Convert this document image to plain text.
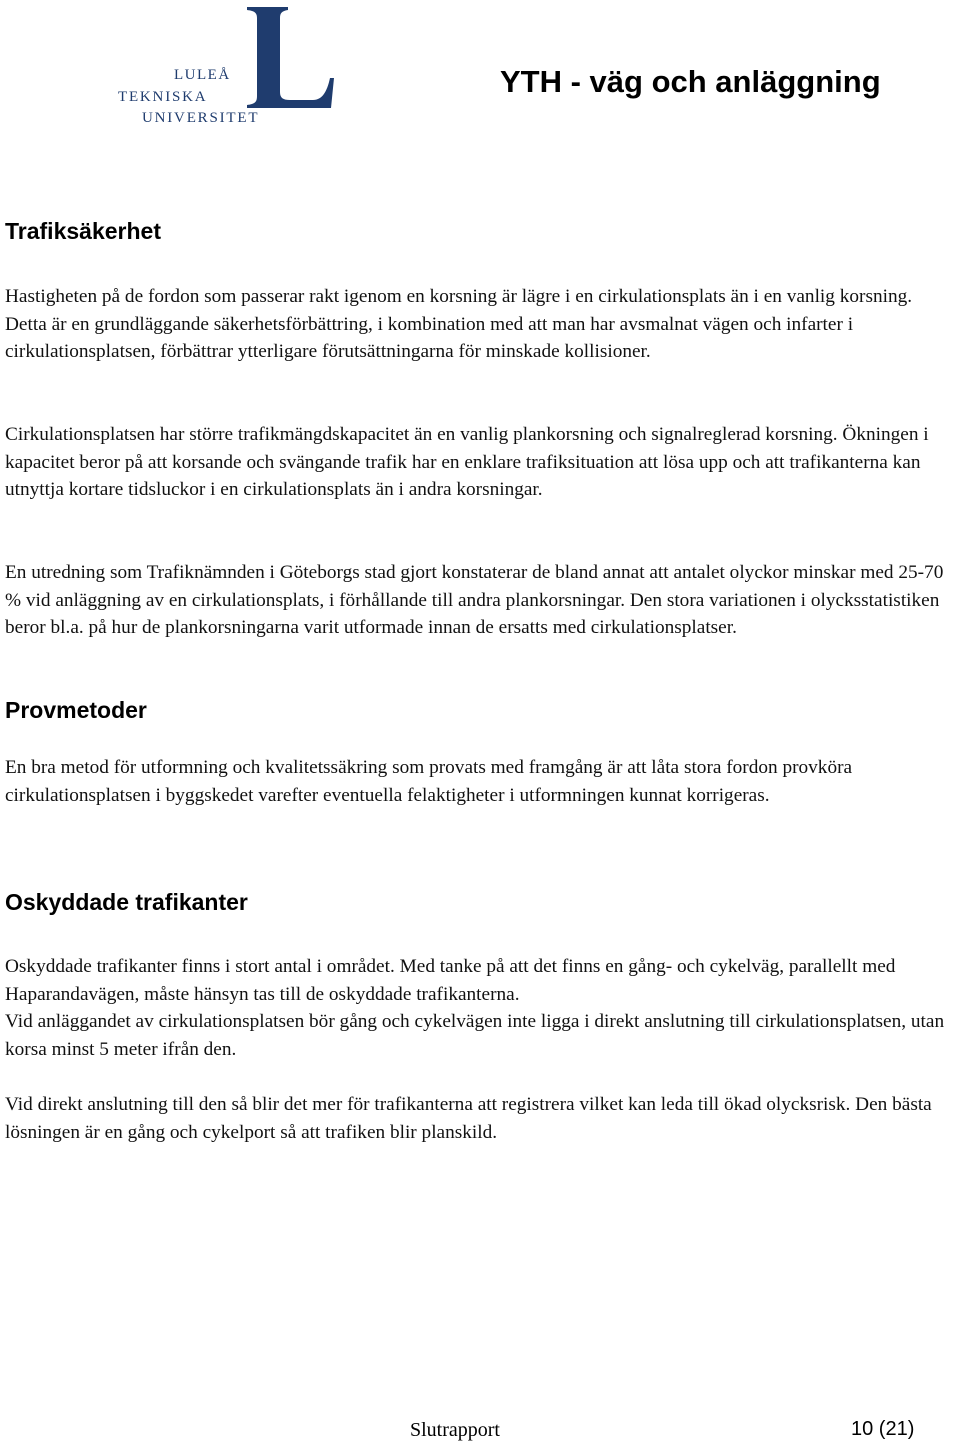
LULEÅ
TEKNISKA
UNIVERSITET
YTH - väg och anläggning
Trafiksäkerhet

Hastigheten på de fordon som passerar rakt igenom en korsning är lägre i en cirkulationsplats än i en vanlig korsning. Detta är en grundläggande säkerhetsförbättring, i kombination med att man har avsmalnat vägen och infarter i cirkulationsplatsen, förbättrar ytterligare förutsättningarna för minskade kollisioner.

Cirkulationsplatsen har större trafikmängdskapacitet än en vanlig plankorsning och signalreglerad korsning. Ökningen i kapacitet beror på att korsande och svängande trafik har en enklare trafiksituation att lösa upp och att trafikanterna kan utnyttja kortare tidsluckor i en cirkulationsplats än i andra korsningar.

En utredning som Trafiknämnden i Göteborgs stad gjort konstaterar de bland annat att antalet olyckor minskar med 25-70 % vid anläggning av en cirkulationsplats, i förhållande till andra plankorsningar. Den stora variationen i olycksstatistiken beror bl.a. på hur de plankorsningarna varit utformade innan de ersatts med cirkulationsplatser.

Provmetoder

En bra metod för utformning och kvalitetssäkring som provats med framgång är att låta stora fordon provköra cirkulationsplatsen i byggskedet varefter eventuella felaktigheter i utformningen kunnat korrigeras.

Oskyddade trafikanter
Oskyddade trafikanter finns i stort antal i området. Med tanke på att det finns en gång- och cykelväg, parallellt med Haparandavägen, måste hänsyn tas till de oskyddade trafikanterna.
Vid anläggandet av cirkulationsplatsen bör gång och cykelvägen inte ligga i direkt anslutning till cirkulationsplatsen, utan korsa minst 5 meter ifrån den.

Vid direkt anslutning till den så blir det mer för trafikanterna att registrera vilket kan leda till ökad olycksrisk. Den bästa lösningen är en gång och cykelport så att trafiken blir planskild.

Slutrapport	10 (21)
